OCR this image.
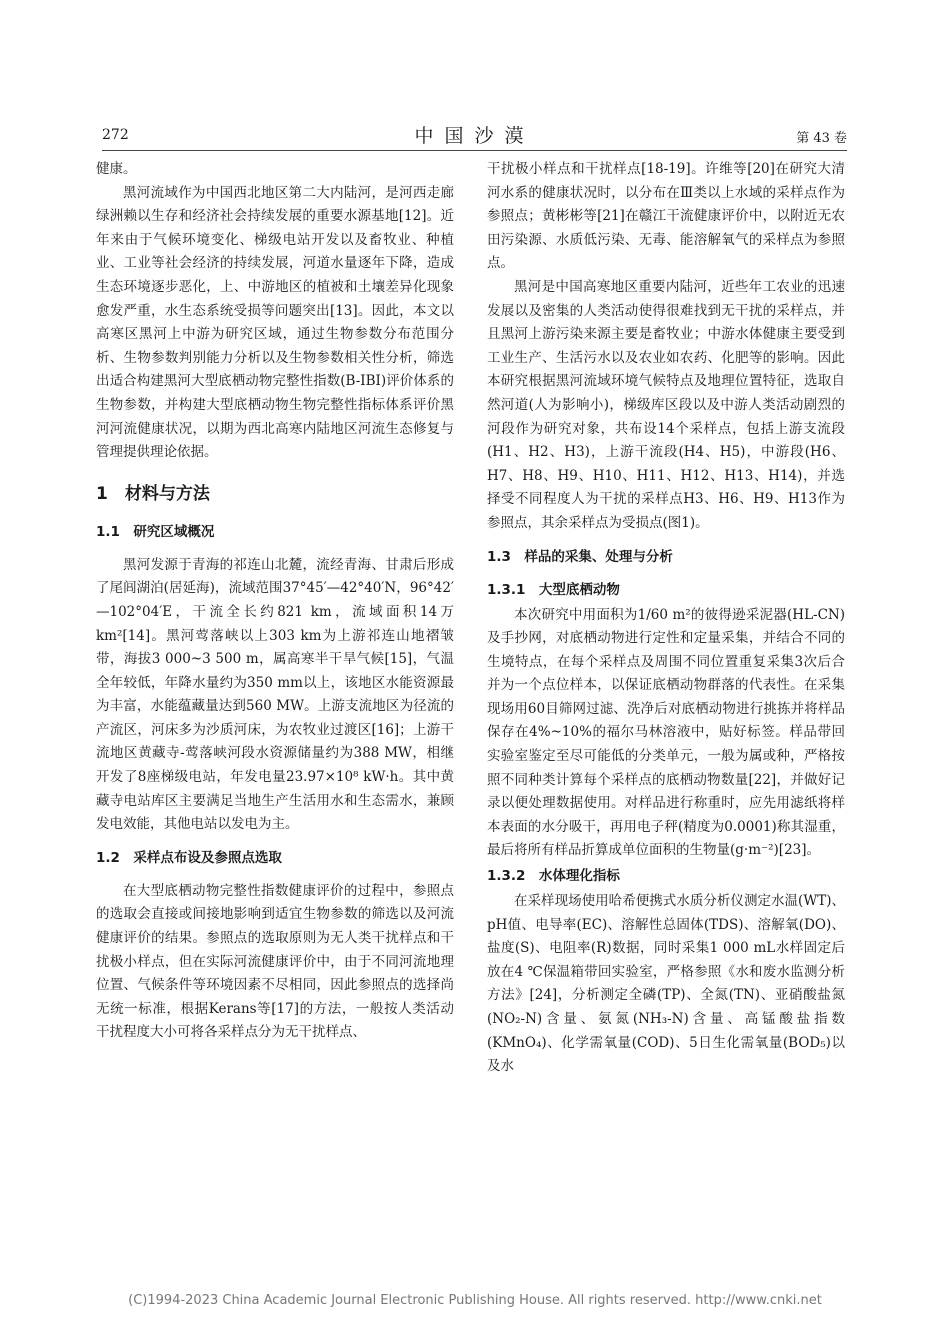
272	中国沙漠	第 43 卷

健康。

黑河流域作为中国西北地区第二大内陆河，是河西走廊绿洲赖以生存和经济社会持续发展的重要水源基地[12]。近年来由于气候环境变化、梯级电站开发以及畜牧业、种植业、工业等社会经济的持续发展，河道水量逐年下降，造成生态环境逐步恶化，上、中游地区的植被和土壤差异化现象愈发严重，水生态系统受损等问题突出[13]。因此，本文以高寒区黑河上中游为研究区域，通过生物参数分布范围分析、生物参数判别能力分析以及生物参数相关性分析，筛选出适合构建黑河大型底栖动物完整性指数(B-IBI)评价体系的生物参数，并构建大型底栖动物生物完整性指标体系评价黑河河流健康状况，以期为西北高寒内陆地区河流生态修复与管理提供理论依据。

1　材料与方法
1.1　研究区域概况

黑河发源于青海的祁连山北麓，流经青海、甘肃后形成了尾闾湖泊(居延海)，流域范围37°45′—42°40′N，96°42′—102°04′E，干流全长约821 km，流域面积14万km²[14]。黑河莺落峡以上303 km为上游祁连山地褶皱带，海拔3 000~3 500 m，属高寒半干旱气候[15]，气温全年较低，年降水量约为350 mm以上，该地区水能资源最为丰富，水能蕴藏量达到560 MW。上游支流地区为径流的产流区，河床多为沙质河床，为农牧业过渡区[16]；上游干流地区黄藏寺-莺落峡河段水资源储量约为388 MW，相继开发了8座梯级电站，年发电量23.97×10⁸ kW·h。其中黄藏寺电站库区主要满足当地生产生活用水和生态需水，兼顾发电效能，其他电站以发电为主。

1.2　采样点布设及参照点选取

在大型底栖动物完整性指数健康评价的过程中，参照点的选取会直接或间接地影响到适宜生物参数的筛选以及河流健康评价的结果。参照点的选取原则为无人类干扰样点和干扰极小样点，但在实际河流健康评价中，由于不同河流地理位置、气候条件等环境因素不尽相同，因此参照点的选择尚无统一标准，根据Kerans等[17]的方法，一般按人类活动干扰程度大小可将各采样点分为无干扰样点、

干扰极小样点和干扰样点[18-19]。许维等[20]在研究大清河水系的健康状况时，以分布在Ⅲ类以上水域的采样点作为参照点；黄彬彬等[21]在赣江干流健康评价中，以附近无农田污染源、水质低污染、无毒、能溶解氧气的采样点为参照点。

黑河是中国高寒地区重要内陆河，近些年工农业的迅速发展以及密集的人类活动使得很难找到无干扰的采样点，并且黑河上游污染来源主要是畜牧业；中游水体健康主要受到工业生产、生活污水以及农业如农药、化肥等的影响。因此本研究根据黑河流域环境气候特点及地理位置特征，选取自然河道(人为影响小)，梯级库区段以及中游人类活动剧烈的河段作为研究对象，共布设14个采样点，包括上游支流段(H1、H2、H3)，上游干流段(H4、H5)，中游段(H6、H7、H8、H9、H10、H11、H12、H13、H14)，并选择受不同程度人为干扰的采样点H3、H6、H9、H13作为参照点，其余采样点为受损点(图1)。

1.3　样品的采集、处理与分析
1.3.1　大型底栖动物

本次研究中用面积为1/60 m²的彼得逊采泥器(HL-CN)及手抄网，对底栖动物进行定性和定量采集，并结合不同的生境特点，在每个采样点及周围不同位置重复采集3次后合并为一个点位样本，以保证底栖动物群落的代表性。在采集现场用60目筛网过滤、洗净后对底栖动物进行挑拣并将样品保存在4%~10%的福尔马林溶液中，贴好标签。样品带回实验室鉴定至尽可能低的分类单元，一般为属或种，严格按照不同种类计算每个采样点的底栖动物数量[22]，并做好记录以便处理数据使用。对样品进行称重时，应先用滤纸将样本表面的水分吸干，再用电子秤(精度为0.0001)称其湿重，最后将所有样品折算成单位面积的生物量(g·m⁻²)[23]。

1.3.2　水体理化指标

在采样现场使用哈希便携式水质分析仪测定水温(WT)、pH值、电导率(EC)、溶解性总固体(TDS)、溶解氧(DO)、盐度(S)、电阻率(R)数据，同时采集1 000 mL水样固定后放在4 ℃保温箱带回实验室，严格参照《水和废水监测分析方法》[24]，分析测定全磷(TP)、全氮(TN)、亚硝酸盐氮(NO₂-N)含量、氨氮(NH₃-N)含量、高锰酸盐指数(KMnO₄)、化学需氧量(COD)、5日生化需氧量(BOD₅)以及水

(C)1994-2023 China Academic Journal Electronic Publishing House. All rights reserved. http://www.cnki.net
